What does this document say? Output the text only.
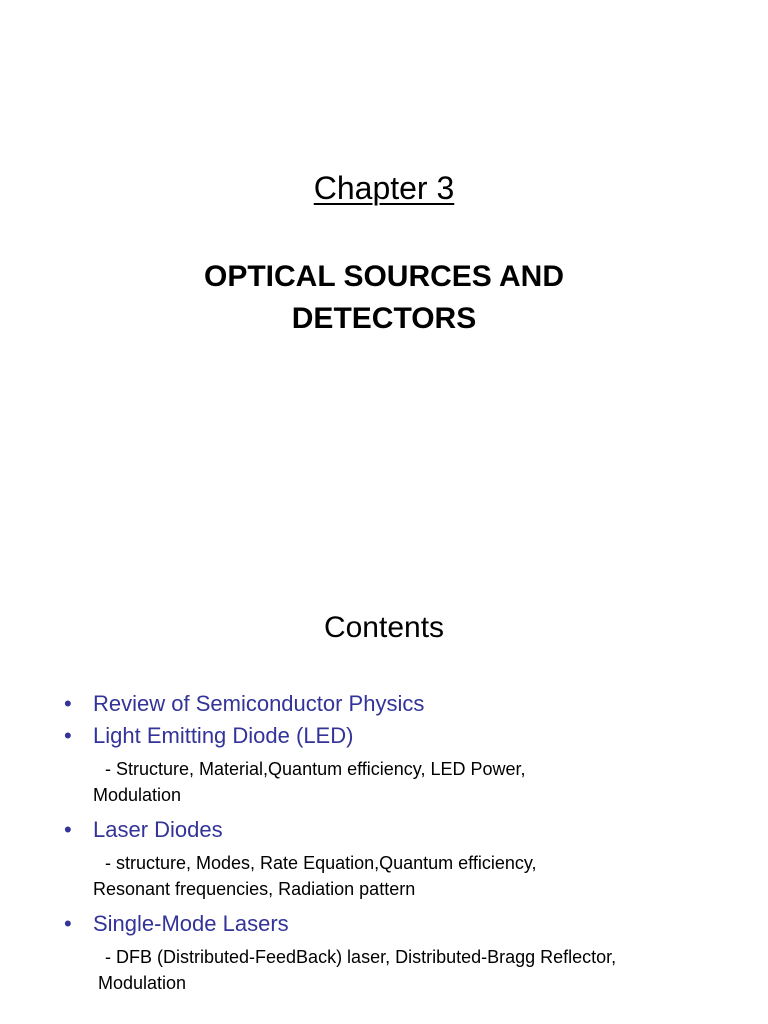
Chapter 3
OPTICAL SOURCES AND
DETECTORS
Contents
• Review of Semiconductor Physics
• Light Emitting Diode (LED)
- Structure, Material,Quantum efficiency, LED Power,
Modulation
• Laser Diodes
- structure, Modes, Rate Equation,Quantum efficiency,
Resonant frequencies, Radiation pattern
• Single-Mode Lasers
- DFB (Distributed-FeedBack) laser, Distributed-Bragg Reflector,
Modulation
